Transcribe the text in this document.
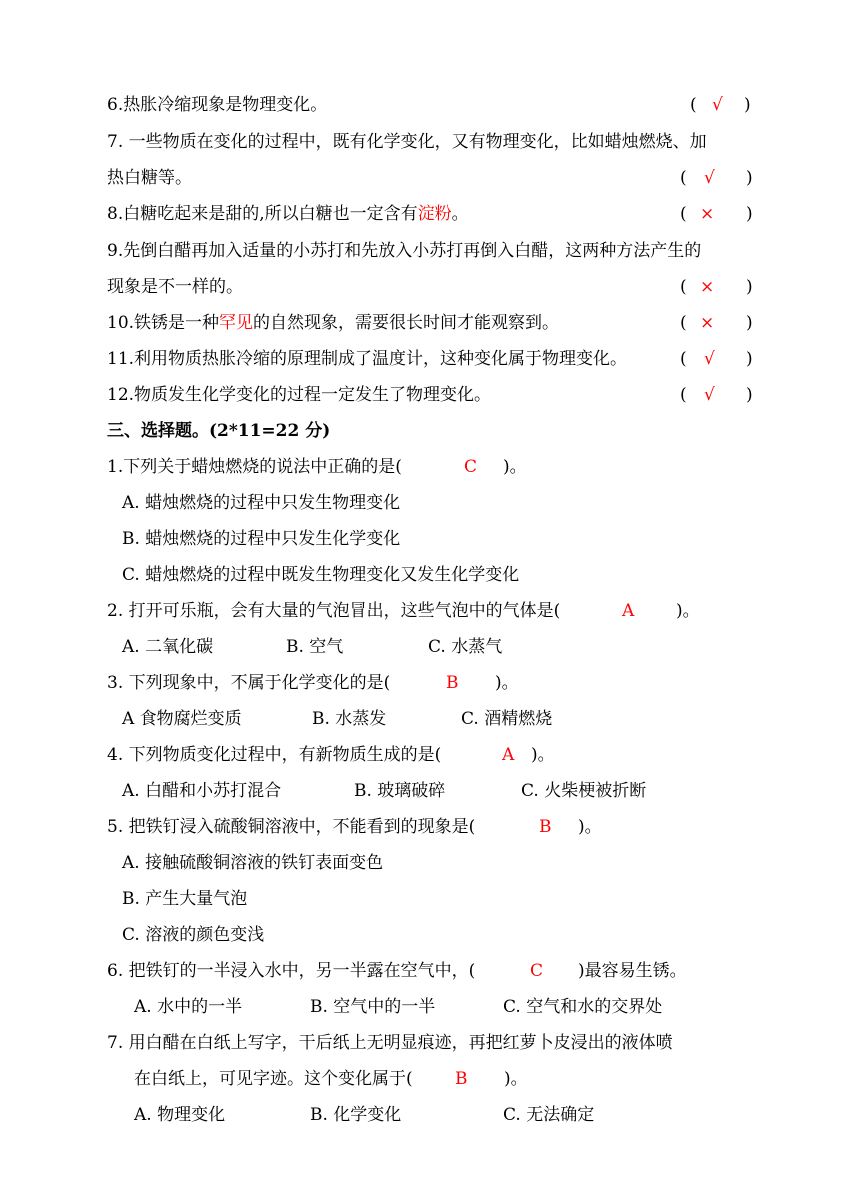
6.热胀冷缩现象是物理变化。	( √ )
7. 一些物质在变化的过程中，既有化学变化，又有物理变化，比如蜡烛燃烧、加
热白糖等。	( √ )
8.白糖吃起来是甜的,所以白糖也一定含有淀粉。	( × )
9.先倒白醋再加入适量的小苏打和先放入小苏打再倒入白醋，这两种方法产生的
现象是不一样的。	( × )
10.铁锈是一种罕见的自然现象，需要很长时间才能观察到。	( × )
11.利用物质热胀冷缩的原理制成了温度计，这种变化属于物理变化。	( √ )
12.物质发生化学变化的过程一定发生了物理变化。	( √ )
三、选择题。(2*11=22 分)
1.下列关于蜡烛燃烧的说法中正确的是(	C )。
A. 蜡烛燃烧的过程中只发生物理变化
B. 蜡烛燃烧的过程中只发生化学变化
C. 蜡烛燃烧的过程中既发生物理变化又发生化学变化
2. 打开可乐瓶，会有大量的气泡冒出，这些气泡中的气体是(	A )。
A. 二氧化碳	B. 空气	C. 水蒸气
3. 下列现象中，不属于化学变化的是(	B )。
A 食物腐烂变质	B. 水蒸发	C. 酒精燃烧
4. 下列物质变化过程中，有新物质生成的是(	A )。
A. 白醋和小苏打混合	B. 玻璃破碎	C. 火柴梗被折断
5. 把铁钉浸入硫酸铜溶液中，不能看到的现象是(	B )。
A. 接触硫酸铜溶液的铁钉表面变色
B. 产生大量气泡
C. 溶液的颜色变浅
6. 把铁钉的一半浸入水中，另一半露在空气中，(	C )最容易生锈。
A. 水中的一半	B. 空气中的一半	C. 空气和水的交界处
7. 用白醋在白纸上写字，干后纸上无明显痕迹，再把红萝卜皮浸出的液体喷
在白纸上，可见字迹。这个变化属于( B )。
A. 物理变化	B. 化学变化	C. 无法确定
